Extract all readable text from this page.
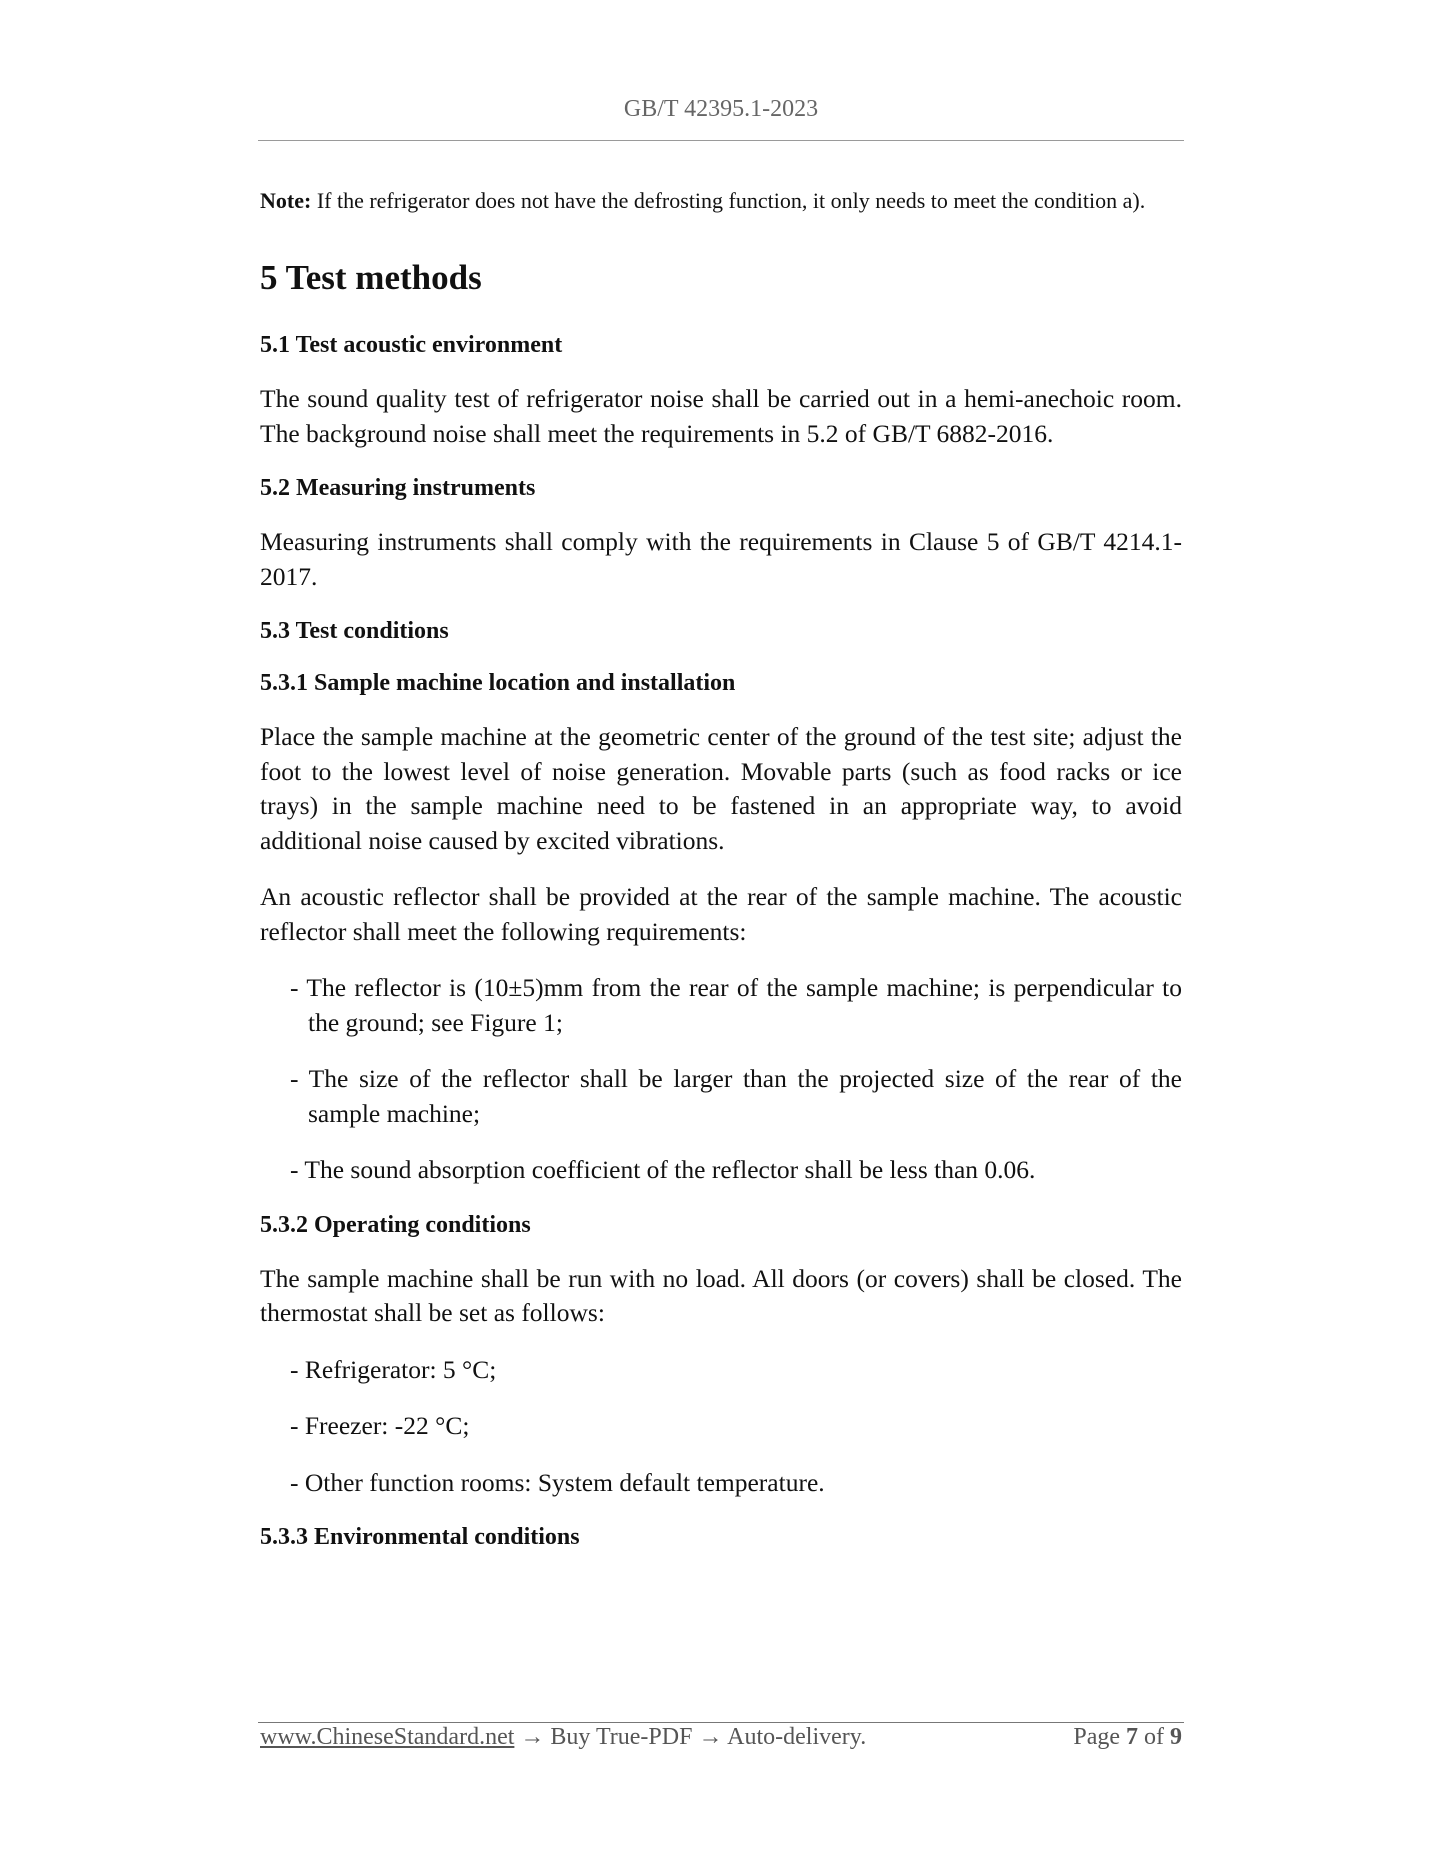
GB/T 42395.1-2023

Note: If the refrigerator does not have the defrosting function, it only needs to meet the condition a).

5 Test methods
5.1 Test acoustic environment

The sound quality test of refrigerator noise shall be carried out in a hemi-anechoic room. The background noise shall meet the requirements in 5.2 of GB/T 6882-2016.

5.2 Measuring instruments

Measuring instruments shall comply with the requirements in Clause 5 of GB/T 4214.1-2017.

5.3 Test conditions
5.3.1 Sample machine location and installation

Place the sample machine at the geometric center of the ground of the test site; adjust the foot to the lowest level of noise generation. Movable parts (such as food racks or ice trays) in the sample machine need to be fastened in an appropriate way, to avoid additional noise caused by excited vibrations.

An acoustic reflector shall be provided at the rear of the sample machine. The acoustic reflector shall meet the following requirements:

- The reflector is (10±5)mm from the rear of the sample machine; is perpendicular to the ground; see Figure 1;

- The size of the reflector shall be larger than the projected size of the rear of the sample machine;

- The sound absorption coefficient of the reflector shall be less than 0.06.

5.3.2 Operating conditions

The sample machine shall be run with no load. All doors (or covers) shall be closed. The thermostat shall be set as follows:

- Refrigerator: 5 °C;

- Freezer: -22 °C;

- Other function rooms: System default temperature.

5.3.3 Environmental conditions
www.ChineseStandard.net → Buy True-PDF → Auto-delivery.	Page 7 of 9
